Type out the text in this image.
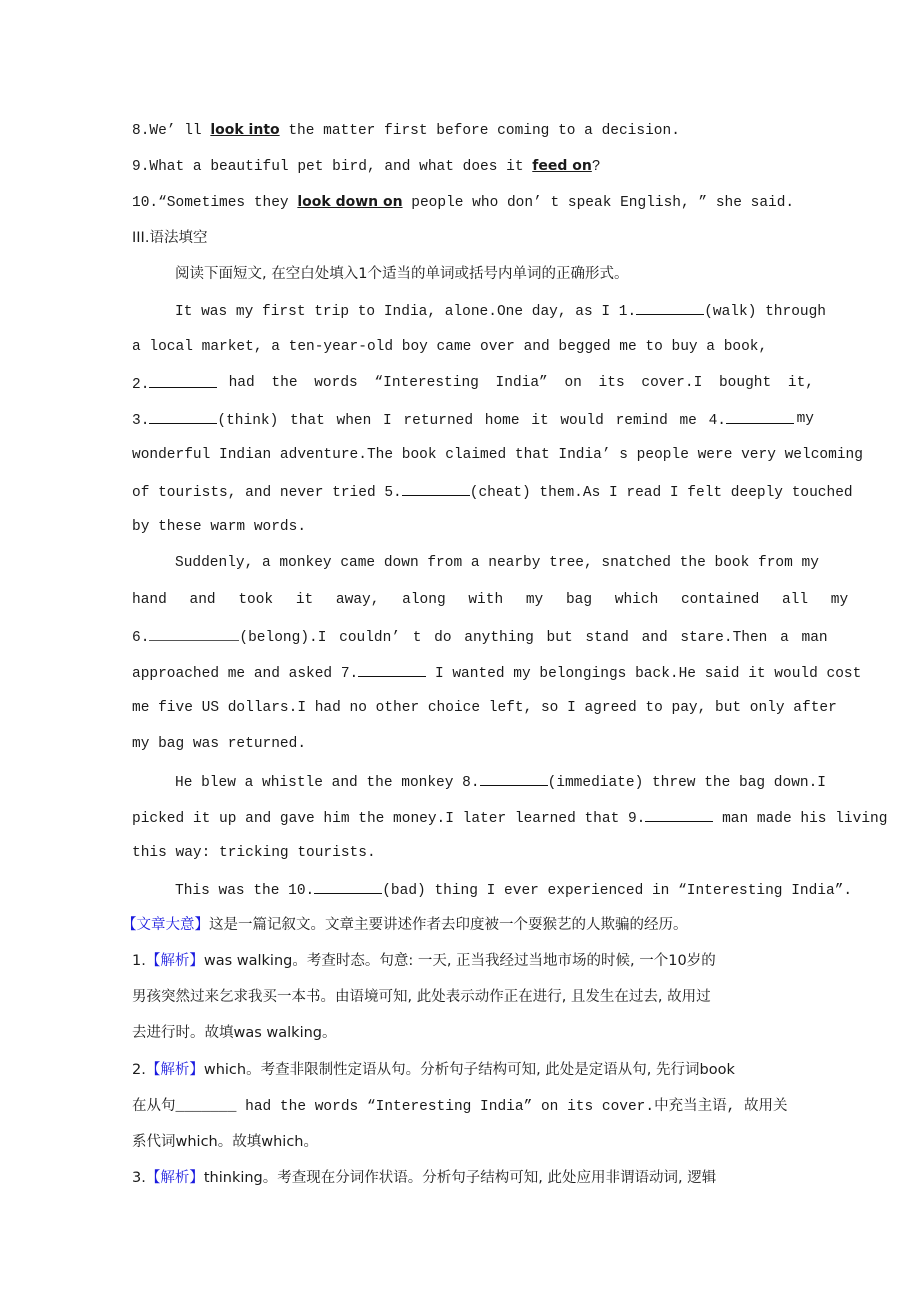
8.We’ ll look into the matter first before coming to a decision.
9.What a beautiful pet bird, and what does it feed on?
10.“Sometimes they look down on people who don’ t speak English, ” she said.
III.语法填空
阅读下面短文, 在空白处填入1个适当的单词或括号内单词的正确形式。
It was my first trip to India, alone.One day, as I 1.	(walk) through
a local market, a ten-year-old boy came over and begged me to buy a book,
2.	had the words “Interesting India” on its cover.I bought it,
3.	(think) that when I returned home it would remind me 4.	my
wonderful Indian adventure.The book claimed that India’ s people were very welcoming
of tourists, and never tried 5.	(cheat) them.As I read I felt deeply touched
by these warm words.
Suddenly, a monkey came down from a nearby tree, snatched the book from my
hand and took it away, along with my bag which contained all my
6.	(belong).I couldn’ t do anything but stand and stare.Then a man
approached me and asked 7.	I wanted my belongings back.He said it would cost
me five US dollars.I had no other choice left, so I agreed to pay, but only after
my bag was returned.
He blew a whistle and the monkey 8.	(immediate) threw the bag down.I
picked it up and gave him the money.I later learned that 9.	man made his living
this way: tricking tourists.
This was the 10.	(bad) thing I ever experienced in “Interesting India”.
【文章大意】这是一篇记叙文。文章主要讲述作者去印度被一个耍猴艺的人欺骗的经历。
1.【解析】was walking。考查时态。句意: 一天, 正当我经过当地市场的时候, 一个10岁的
男孩突然过来乞求我买一本书。由语境可知, 此处表示动作正在进行, 且发生在过去, 故用过
去进行时。故填was walking。
2.【解析】which。考查非限制性定语从句。分析句子结构可知, 此处是定语从句, 先行词book
在从句_______ had the words “Interesting India” on its cover.中充当主语, 故用关
系代词which。故填which。
3.【解析】thinking。考查现在分词作状语。分析句子结构可知, 此处应用非谓语动词, 逻辑
